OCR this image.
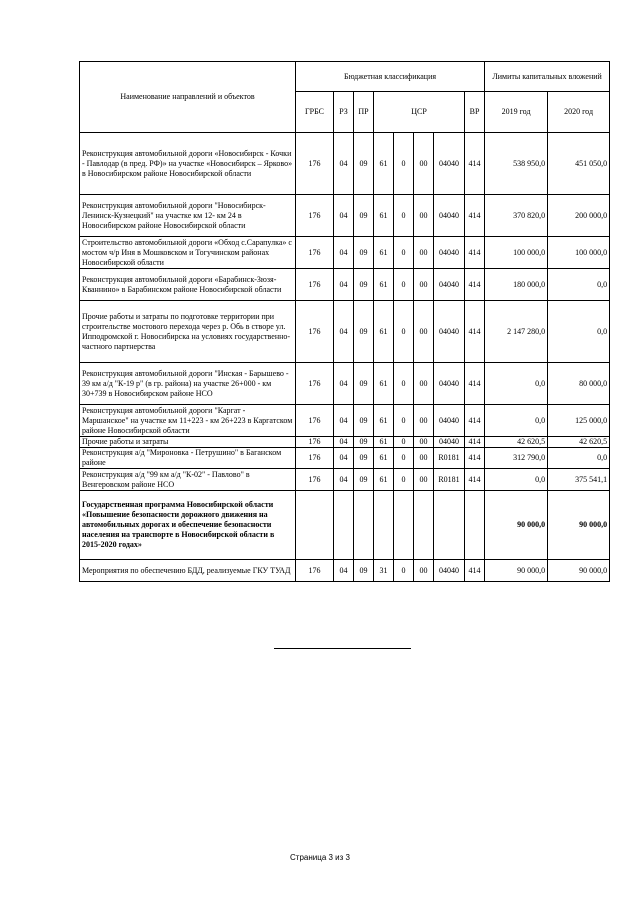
Наименование направлений и объектов	Бюджетная классификация								Лимиты капитальных вложений	
	ГРБС	РЗ	ПР	ЦСР				ВР	2019 год	2020 год
Реконструкция автомобильной дороги «Новосибирск - Кочки - Павлодар (в пред. РФ)» на участке «Новосибирск – Ярково» в Новосибирском районе Новосибирской области	176	04	09	61	0	00	04040	414	538 950,0	451 050,0
Реконструкция автомобильной дороги "Новосибирск-Ленинск-Кузнецкий" на участке км 12- км 24 в Новосибирском районе Новосибирской области	176	04	09	61	0	00	04040	414	370 820,0	200 000,0
Строительство автомобильной дороги «Обход с.Сарапулка» с мостом ч/р Иня в Мошковском и Тогучинском районах Новосибирской области	176	04	09	61	0	00	04040	414	100 000,0	100 000,0
Реконструкция автомобильной дороги «Барабинск-Зюзя-Кваннино» в Барабинском районе Новосибирской области	176	04	09	61	0	00	04040	414	180 000,0	0,0
Прочие работы и затраты по подготовке территории при строительстве мостового перехода через р. Обь в створе ул. Ипподромской г. Новосибирска на условиях государственно-частного партнерства	176	04	09	61	0	00	04040	414	2 147 280,0	0,0
Реконструкция автомобильной дороги "Инская - Барышево - 39 км а/д "К-19 р" (в гр. района) на участке 26+000 - км 30+739 в Новосибирском районе НСО	176	04	09	61	0	00	04040	414	0,0	80 000,0
Реконструкция автомобильной дороги "Каргат - Маршанское" на участке км 11+223 - км 26+223 в Каргатском районе Новосибирской области	176	04	09	61	0	00	04040	414	0,0	125 000,0
Прочие работы и затраты	176	04	09	61	0	00	04040	414	42 620,5	42 620,5
Реконструкция а/д "Мироновка - Петрушино" в Баганском районе	176	04	09	61	0	00	R0181	414	312 790,0	0,0
Реконструкция а/д "99 км а/д "К-02" - Павлово" в Венгеровском районе НСО	176	04	09	61	0	00	R0181	414	0,0	375 541,1
Государственная программа Новосибирской области «Повышение безопасности дорожного движения на автомобильных дорогах и обеспечение безопасности населения на транспорте в Новосибирской области в 2015-2020 годах»									90 000,0	90 000,0
Мероприятия по обеспечению БДД, реализуемые ГКУ ТУАД	176	04	09	31	0	00	04040	414	90 000,0	90 000,0
Страница 3 из 3
